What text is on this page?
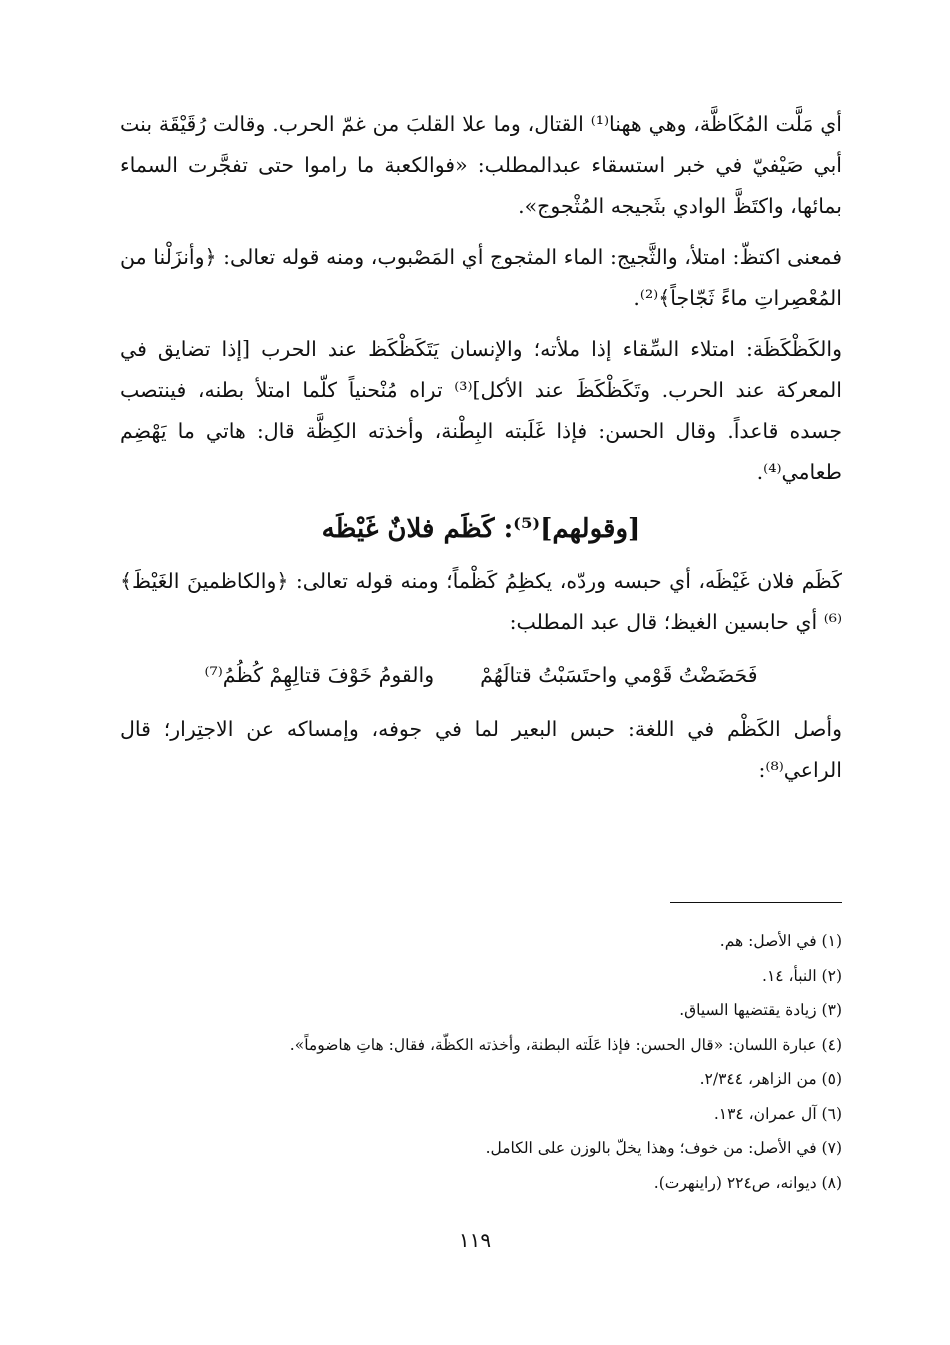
أي مَلَّت المُكَاظَّة، وهي ههنا⁽¹⁾ القتال، وما علا القلبَ من غمّ الحرب. وقالت رُقَيْقَة بنت أبي صَيْفيّ في خبر استسقاء عبدالمطلب: «فوالكعبة ما راموا حتى تفجَّرت السماء بمائها، واكتَظَّ الوادي بثَجيجه المُثْجوج».

فمعنى اكتظّ: امتلأ، والثَّجيج: الماء المثجوج أي المَصْبوب، ومنه قوله تعالى: ﴿وأنزَلْنا من المُعْصِراتِ ماءً ثَجّاجاً﴾⁽²⁾.

والكَظْكَظَة: امتلاء السِّقاء إذا ملأته؛ والإنسان يَتَكَظْكَظ عند الحرب [إذا تضايق في المعركة عند الحرب. وتَكَظْكَظَ عند الأكل]⁽³⁾ تراه مُنْحنياً كلّما امتلأ بطنه، فينتصب جسده قاعداً. وقال الحسن: فإذا غَلَبته البِطْنة، وأخذته الكِظَّة قال: هاتي ما يَهْضِم طعامي⁽⁴⁾.

[وقولهم]⁽⁵⁾: كَظَم فلانٌ غَيْظَه

كَظَم فلان غَيْظَه، أي حبسه وردّه، يكظِمُ كَظْماً؛ ومنه قوله تعالى: ﴿والكاظمينَ الغَيْظَ﴾⁽⁶⁾ أي حابسين الغيظ؛ قال عبد المطلب:

فَحَضَضْتُ قَوْمي واحتَسَبْتُ قتالَهُمْ
والقومُ خَوْفَ قتالِهِمْ كُظُمُ⁽⁷⁾

وأصل الكَظْم في اللغة: حبس البعير لما في جوفه، وإمساكه عن الاجتِرار؛ قال الراعي⁽⁸⁾:

(١) في الأصل: هم.
(٢) النبأ، ١٤.
(٣) زيادة يقتضيها السياق.
(٤) عبارة اللسان: «قال الحسن: فإذا عَلَته البطنة، وأخذته الكظّة، فقال: هاتِ هاضوماً».
(٥) من الزاهر، ٢/٣٤٤.
(٦) آل عمران، ١٣٤.
(٧) في الأصل: من خوف؛ وهذا يخلّ بالوزن على الكامل.
(٨) ديوانه، ص٢٢٤ (راينهرت).
١١٩
